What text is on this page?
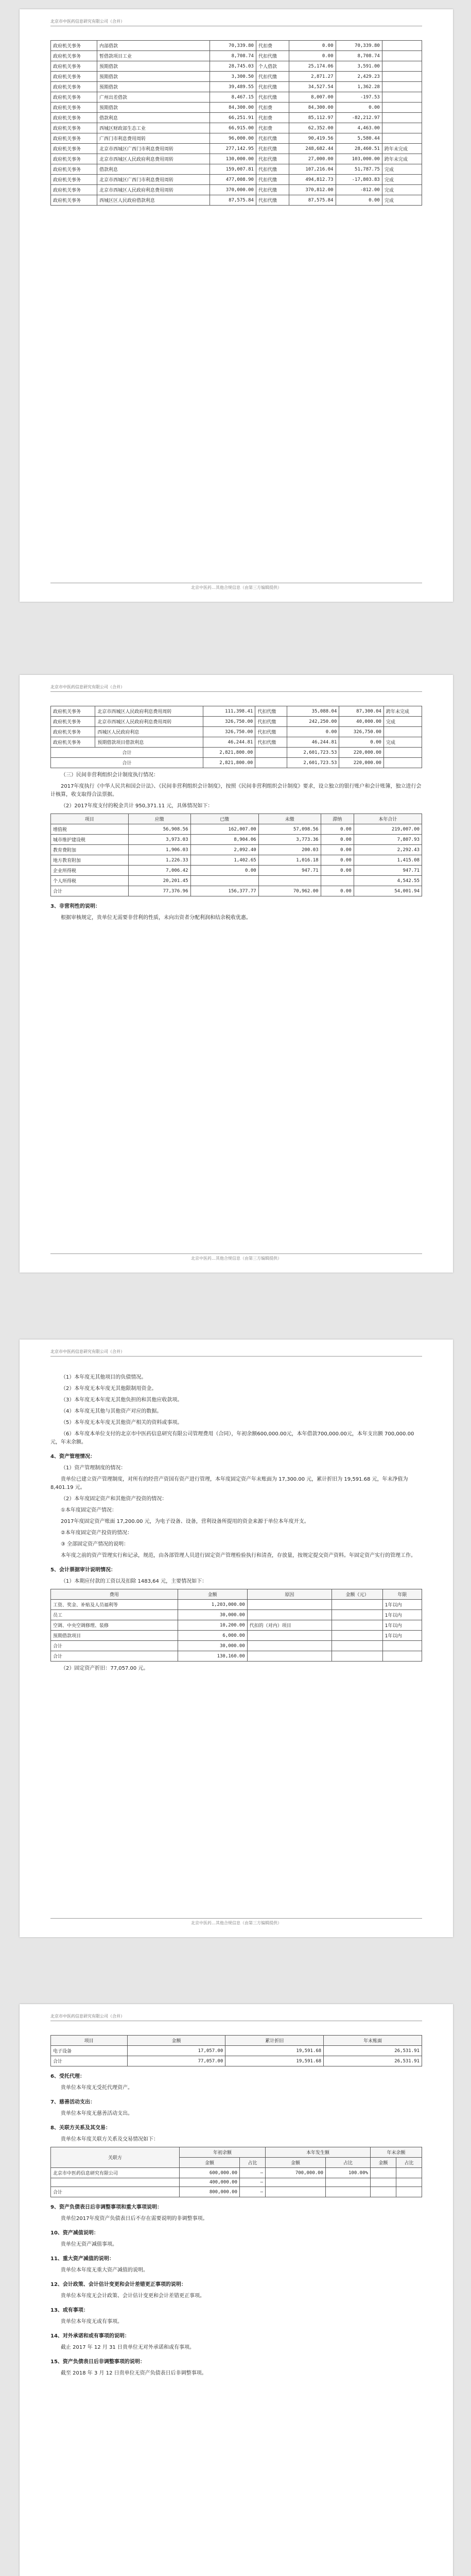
北京市中医药信息研究有限公司（合并）
政府机关事务	内部借款	70,339.80	代扣费	0.00	70,339.80	
政府机关事务	暂借款项目工业	8,708.74	代扣代缴	0.00	8,708.74	
政府机关事务	预期借款	28,745.03	个人借款	25,174.06	3,591.00	
政府机关事务	预期借款	3,300.50	代扣代缴	2,871.27	2,429.23	
政府机关事务	预期借款	39,489.55	代扣代缴	34,527.54	1,362.28	
政府机关事务	广州出差借款	8,467.15	代扣代缴	8,007.00	-197.53	
政府机关事务	预期借款	84,300.00	代扣费	84,300.00	0.00	
政府机关事务	借款利息	66,251.91	代扣费	85,112.97	-82,212.97	
政府机关事务	西城区财政部生态工业	66,915.00	代扣费	62,352.00	4,463.00	
政府机关事务	广西门市利息费用周转	96,000.00	代扣代缴	90,419.56	5,580.44	
政府机关事务	北京市西城区广西门市利息费用周转	277,142.95	代扣代缴	248,682.44	28,460.51	跨年未完成
政府机关事务	北京市西城区人民政府利息费用周转	130,000.00	代扣代缴	27,000.00	103,000.00	跨年未完成
政府机关事务	借款利息	159,007.81	代扣代缴	107,216.04	51,787.75	完成
政府机关事务	北京市西城区广西门市利息费用周转	477,008.90	代扣代缴	494,812.73	-17,803.83	完成
政府机关事务	北京市西城区人民政府利息费用周转	370,000.00	代扣代缴	370,812.00	-812.00	完成
政府机关事务	西城区区人民政府借款利息	87,575.84	代扣代缴	87,575.84	0.00	完成
北京中医药…其他合规信息（由第三方编辑提供）
北京市中医药信息研究有限公司（合并）
政府机关事务	北京市西城区人民政府利息费用周转	111,398.41	代扣代缴	35,088.04	87,300.04	跨年未完成
政府机关事务	北京市西城区人民政府利息费用周转	326,750.00	代扣代缴	242,250.00	40,000.00	完成
政府机关事务	西城区人民政府利息	326,750.00	代扣代缴	0.00	326,750.00	
政府机关事务	预期借款项目借款利息	46,244.81	代扣代缴	46,244.81	0.00	完成
合计		2,821,800.00		2,601,723.53	220,000.00	
合计		2,821,800.00		2,601,723.53	220,000.00	

（三）民间非营利组织会计制度执行情况：

2017年度执行《中华人民共和国会计法》、《民间非营利组织会计制度》，按照《民间非营利组织会计制度》要求，设立独立的银行账户和会计账簿，独立进行会计核算，收支取得合法票据。

（2）2017年度支付的税金共计 950,371.11 元，具体情况如下：

项目	应缴	已缴	未缴	滞纳	本年合计
增值税	56,908.56	162,007.00	57,098.56	0.00	219,007.00
城市维护建设税	3,973.03	8,904.06	3,773.36	0.00	7,807.93
教育费附加	1,906.03	2,092.40	200.03	0.00	2,292.43
地方教育附加	1,226.33	1,402.65	1,016.18	0.00	1,415.08
企业所得税	7,006.42	0.00	947.71	0.00	947.71
个人所得税	20,201.45				4,542.55
合计	77,376.96	156,377.77	70,962.00	0.00	54,001.94

3、非营利性的说明：

根据审核规定，贵单位无需要非营利的性质，未向出资者分配利润和结余税收优惠。

北京中医药…其他合规信息（由第三方编辑提供）
北京市中医药信息研究有限公司（合并）

（1）本年度无其他项目的负债情况。

（2）本年度无本年度无其他限制用资金。

（3）本年度无本年度无其他负担的和其他应收款项。

（4）本年度无其他与其他资产对应的数据。

（5）本年度无本年度无其他资产相关的资料或事项。

（6）本年度本单位支付的北京市中医药信息研究有限公司管理费用（合同），年初余额600,000.00元，本年借款700,000.00元，本年支出额 700,000.00 元，年末余额。

4、资产管理情况：

（1）资产管理制度的情况：

贵单位已建立资产管理制度，对所有的经营产资国有资产进行管理，本年度固定资产年末账面为 17,300.00 元，累计折旧为 19,591.68 元，年末净值为 8,401.19 元。

（2）本年度固定资产和其他资产投资的情况：

①本年度固定资产情况：

2017年度固定资产账面 17,200.00 元，为电子设备、设备，营利设备所提用的资金来源于单位本年度开支。

②本年度固定资产投资的情况：

③ 全部固定资产情况的说明：

本年度之前的资产管理实行和记录，规范，由各部管理人员进行固定资产管理检验执行和清查，存放量，按规定提交资产资料。年固定资产实行的管理工作。

5、会计票据审计说明情况：

（1）本期应付款的工资以及扣除 1483,64 元，主要情况如下：

费用	金额	原因	金额（元）	年限
工资、奖金、补贴及人员福利等	1,203,000.00			1年以内
员工	30,000.00			1年以内
空调、中央空调修理、装修	10,200.00	代扣的（对内）项目		1年以内
预期借款项目	6,000.00			1年以内
合计	30,000.00			
合计	130,160.00			

（2）固定资产折旧：77,057.00 元。

北京中医药…其他合规信息（由第三方编辑提供）
北京市中医药信息研究有限公司（合并）
项目	金额	累计折旧	年末账面
电子设备	17,057.00	19,591.68	26,531.91
合计	77,057.00	19,591.68	26,531.91

6、受托代理：

贵单位本年度无受托代理资产。

7、慈善活动支出：

贵单位本年度无慈善活动支出。

8、关联方关系及其交易：

贵单位本年度关联方关系及交易情况如下：

关联方	年初余额		本年发生额		年末余额	
	金额	占比	金额	占比	金额	占比
北京市中医药信息研究有限公司	600,000.00	—	700,000.00	100.00%		
	400,000.00	—				
合计	800,000.00	—				

9、资产负债表日后非调整事项和重大事项说明：

贵单位2017年度资产负债表日后不存在需要说明的非调整事项。

10、资产减值说明：

贵单位无资产减值事项。

11、重大资产减值的说明：

贵单位本年度无重大资产减值的说明。

12、会计政策、会计估计变更和会计差错更正事项的说明：

贵单位本年度无会计政策、会计估计变更和会计差错更正事项。

13、或有事项：

贵单位本年度无或有事项。

14、对外承诺和或有事项的说明：

截止 2017 年 12 月 31 日贵单位无对外承诺和或有事项。

15、资产负债表日后非调整事项的说明：

截至 2018 年 3 月 12 日贵单位无资产负债表日后非调整事项。
